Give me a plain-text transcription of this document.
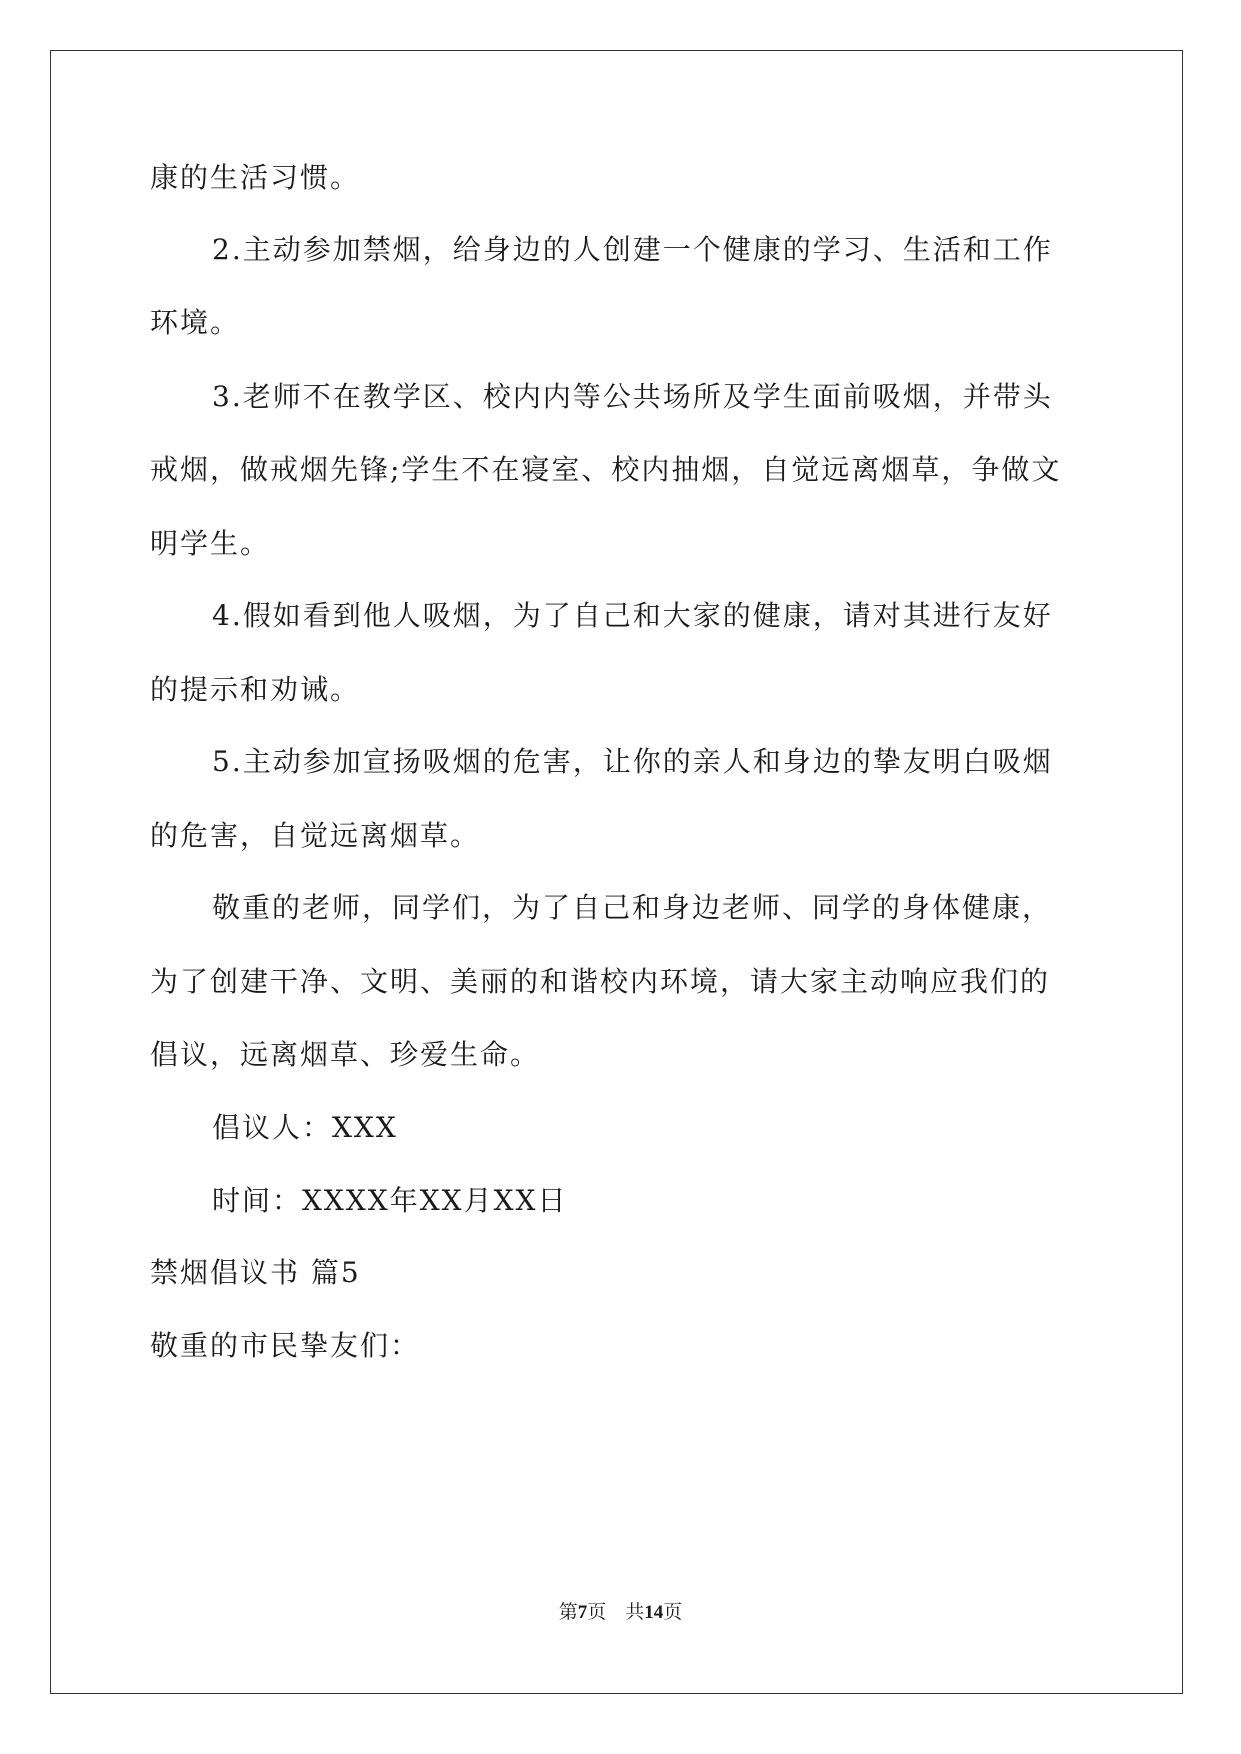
康的生活习惯。
2.主动参加禁烟，给身边的人创建一个健康的学习、生活和工作
环境。
3.老师不在教学区、校内内等公共场所及学生面前吸烟，并带头
戒烟，做戒烟先锋;学生不在寝室、校内抽烟，自觉远离烟草，争做文
明学生。
4.假如看到他人吸烟，为了自己和大家的健康，请对其进行友好
的提示和劝诫。
5.主动参加宣扬吸烟的危害，让你的亲人和身边的挚友明白吸烟
的危害，自觉远离烟草。
敬重的老师，同学们，为了自己和身边老师、同学的身体健康，
为了创建干净、文明、美丽的和谐校内环境，请大家主动响应我们的
倡议，远离烟草、珍爱生命。
倡议人：XXX
时间：XXXX年XX月XX日
禁烟倡议书 篇5
敬重的市民挚友们：
第7页　共14页
